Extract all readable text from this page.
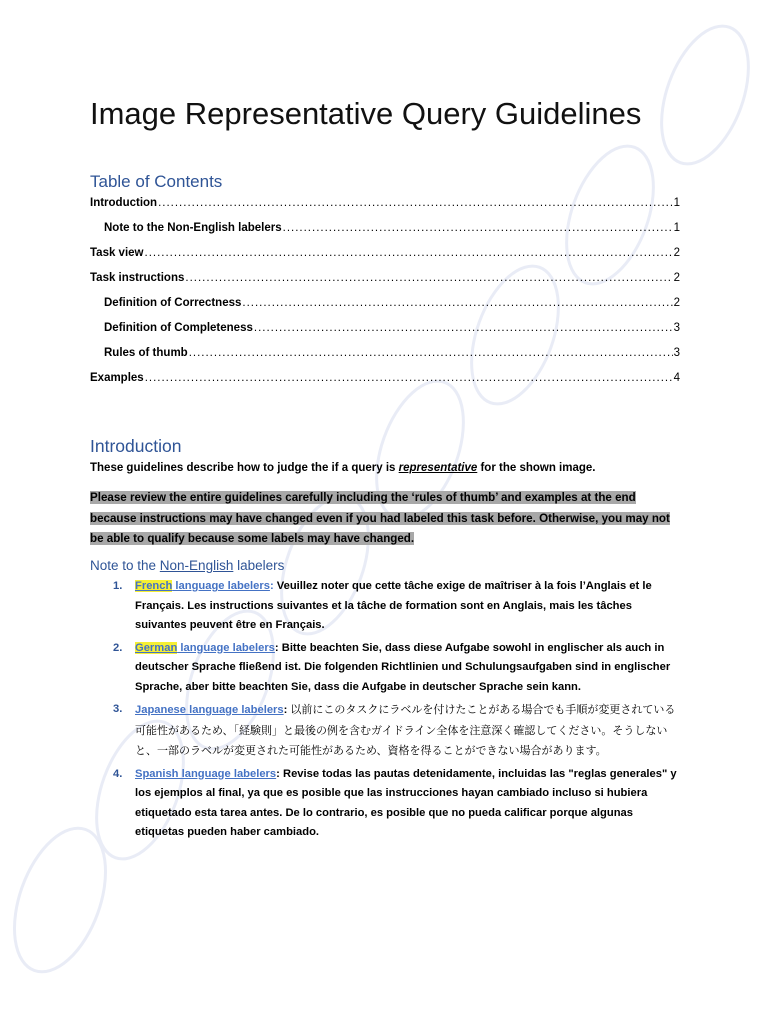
Image Representative Query Guidelines
Table of Contents
Introduction .....	1
Note to the Non-English labelers .....	1
Task view .....	2
Task instructions .....	2
Definition of Correctness .....	2
Definition of Completeness .....	3
Rules of thumb .....	3
Examples .....	4
Introduction
These guidelines describe how to judge the if a query is representative for the shown image.
Please review the entire guidelines carefully including the ‘rules of thumb’ and examples at the end because instructions may have changed even if you had labeled this task before. Otherwise, you may not be able to qualify because some labels may have changed.
Note to the Non-English labelers
1. French language labelers: Veuillez noter que cette tâche exige de maîtriser à la fois l’Anglais et le Français. Les instructions suivantes et la tâche de formation sont en Anglais, mais les tâches suivantes peuvent être en Français.
2. German language labelers: Bitte beachten Sie, dass diese Aufgabe sowohl in englischer als auch in deutscher Sprache fließend ist. Die folgenden Richtlinien und Schulungsaufgaben sind in englischer Sprache, aber bitte beachten Sie, dass die Aufgabe in deutscher Sprache sein kann.
3. Japanese language labelers: 以前にこのタスクにラベルを付けたことがある場合でも手順が変更されている可能性があるため、「経験則」と最後の例を含むガイドライン全体を注意深く確認してください。そうしないと、一部のラベルが変更された可能性があるため、資格を得ることができない場合があります。
4. Spanish language labelers: Revise todas las pautas detenidamente, incluidas las "reglas generales" y los ejemplos al final, ya que es posible que las instrucciones hayan cambiado incluso si hubiera etiquetado esta tarea antes. De lo contrario, es posible que no pueda calificar porque algunas etiquetas pueden haber cambiado.
